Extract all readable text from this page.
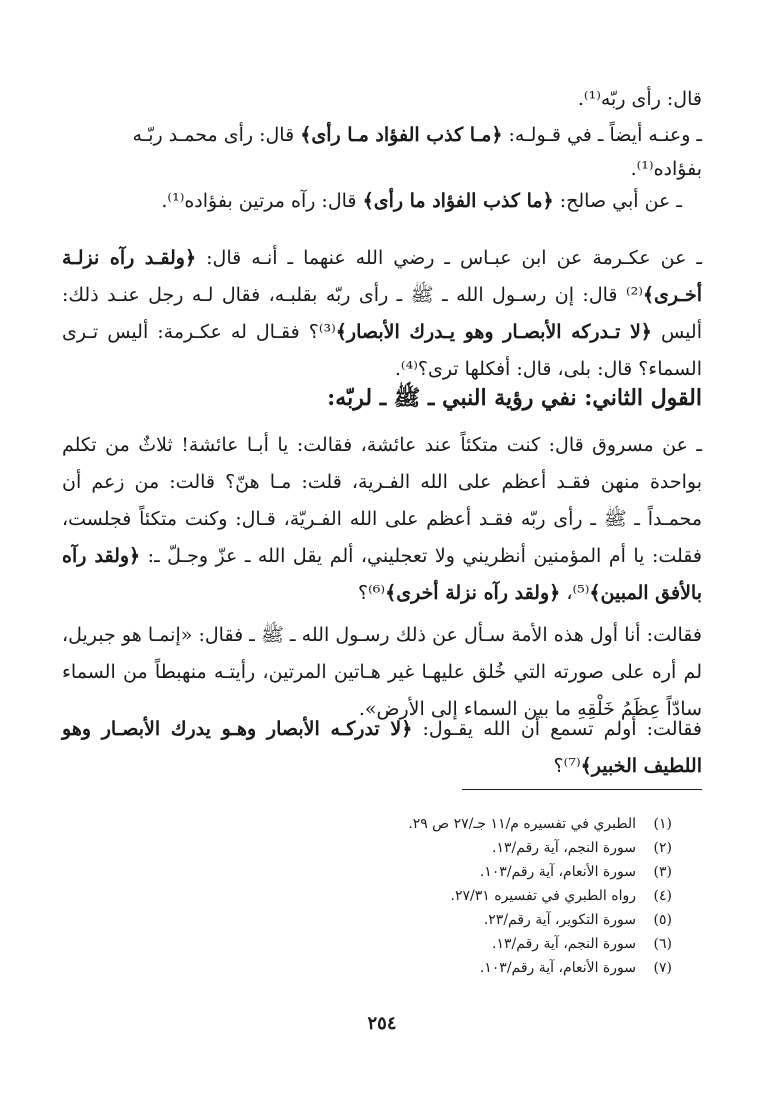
قال: رأى ربّه⁽¹⁾.
ـ وعنـه أيضاً ـ في قـولـه: ﴿مـا كذب الفؤاد مـا رأى﴾ قال: رأى محمـد ربّـه
بفؤاده⁽¹⁾.
ـ عن أبي صالح: ﴿ما كذب الفؤاد ما رأى﴾ قال: رآه مرتين بفؤاده⁽¹⁾.
ـ عن عكـرمة عن ابن عبـاس ـ رضي الله عنهما ـ أنـه قال: ﴿ولقـد رآه نزلـة أخـرى﴾⁽²⁾ قال: إن رسـول الله ـ ﷺ ـ رأى ربّه بقلبـه، فقال لـه رجل عنـد ذلك: أليس ﴿لا تـدركه الأبصـار وهو يـدرك الأبصار﴾⁽³⁾؟ فقـال له عكـرمة: أليس تـرى السماء؟ قال: بلى، قال: أفكلها ترى؟⁽⁴⁾.
القول الثاني: نفي رؤية النبي ـ ﷺ ـ لربّه:
ـ عن مسروق قال: كنت متكئاً عند عائشة، فقالت: يا أبـا عائشة! ثلاثٌ من تكلم بواحدة منهن فقـد أعظم على الله الفـرية، قلت: مـا هنّ؟ قالت: من زعم أن محمـداً ـ ﷺ ـ رأى ربّه فقـد أعظم على الله الفـريّة، قـال: وكنت متكئاً فجلست، فقلت: يا أم المؤمنين أنظريني ولا تعجليني، ألم يقل الله ـ عزّ وجـلّ ـ: ﴿ولقد رآه بالأفق المبين﴾⁽⁵⁾، ﴿ولقد رآه نزلة أخرى﴾⁽⁶⁾؟
فقالت: أنا أول هذه الأمة سـأل عن ذلك رسـول الله ـ ﷺ ـ فقال: «إنمـا هو جبريل، لم أره على صورته التي خُلق عليهـا غير هـاتين المرتين، رأيتـه منهبطاً من السماء سادّاً عِظَمُ خَلْقِهِ ما بين السماء إلى الأرض».
فقالت: أولم تسمع أن الله يقـول: ﴿لا تدركـه الأبصار وهـو يدرك الأبصـار وهو اللطيف الخبير﴾⁽⁷⁾؟
(١)الطبري في تفسيره م/١١ جـ/٢٧ ص ٢٩.
(٢)سورة النجم، آية رقم/١٣.
(٣)سورة الأنعام، آية رقم/١٠٣.
(٤)رواه الطبري في تفسيره ٢٧/٣١.
(٥)سورة التكوير، آية رقم/٢٣.
(٦)سورة النجم، آية رقم/١٣.
(٧)سورة الأنعام، آية رقم/١٠٣.
٢٥٤
